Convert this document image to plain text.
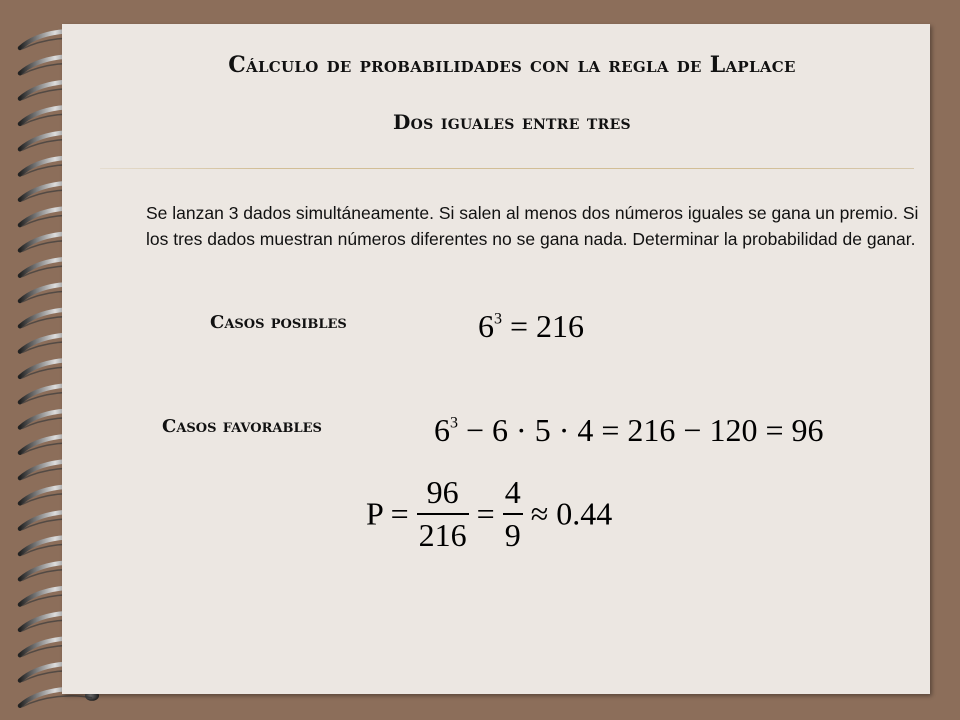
Cálculo de probabilidades con la regla de Laplace
Dos iguales entre tres
Se lanzan 3 dados simultáneamente. Si salen al menos dos números iguales se gana un premio. Si los tres dados muestran números diferentes no se gana nada. Determinar la probabilidad de ganar.
Casos posibles	$6^3 = 216$
Casos favorables	$6^3 - 6 \cdot 5 \cdot 4 = 216 - 120 = 96$
$P = \frac{96}{216} = \frac{4}{9} \approx 0.44$
